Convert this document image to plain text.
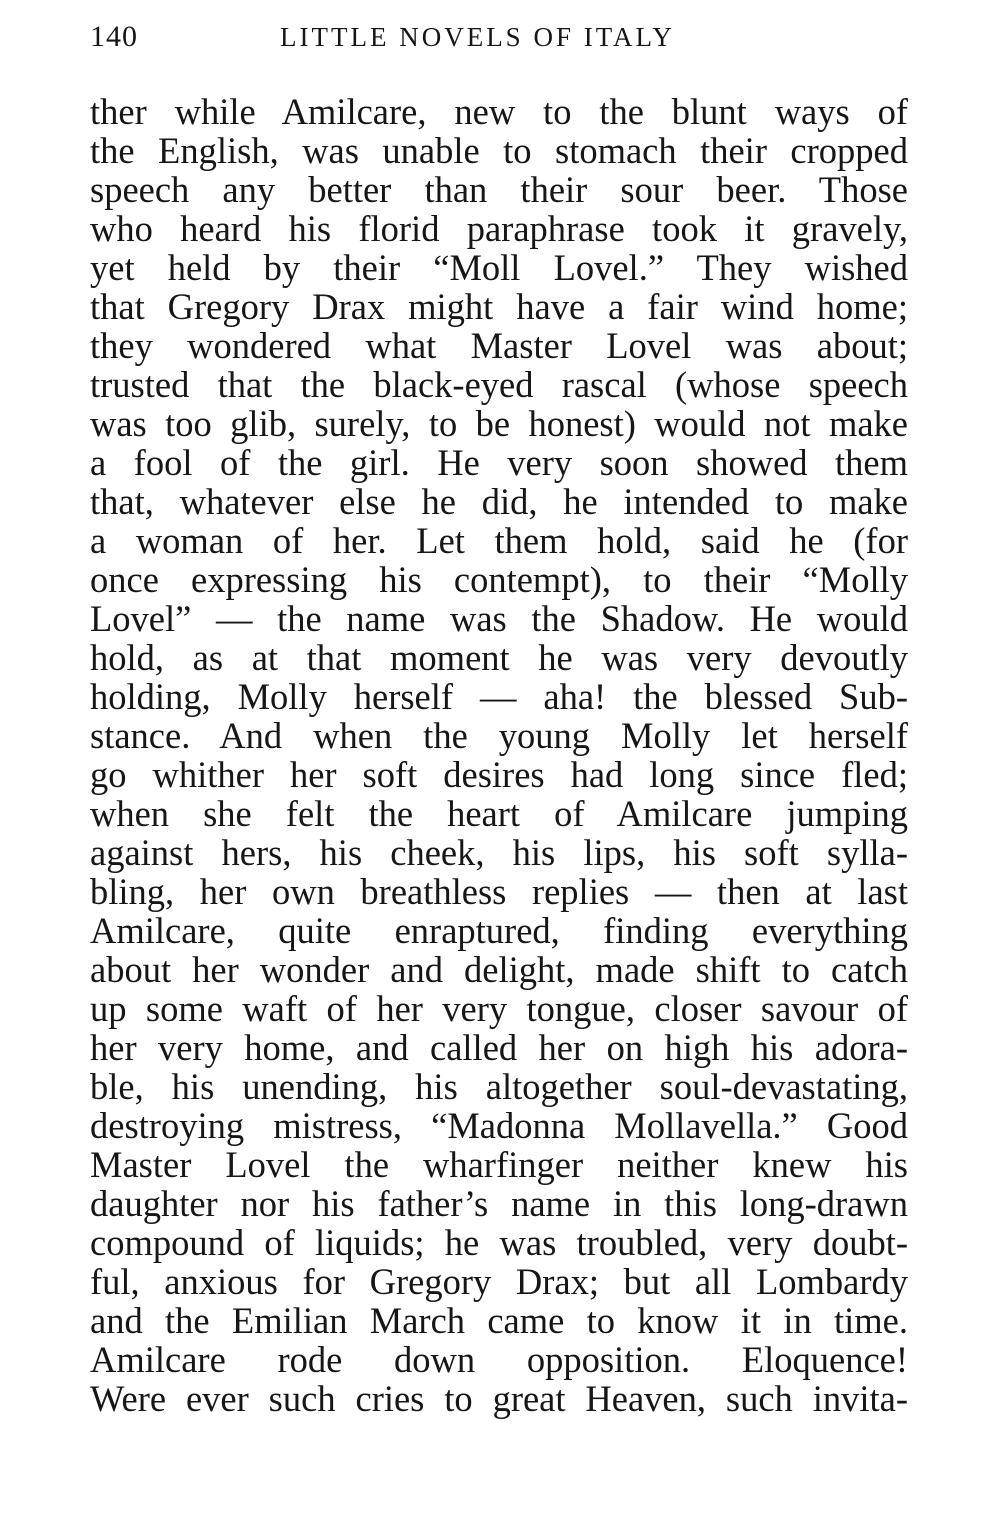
140	LITTLE NOVELS OF ITALY
ther while Amilcare, new to the blunt ways of
the English, was unable to stomach their cropped
speech any better than their sour beer. Those
who heard his florid paraphrase took it gravely,
yet held by their “Moll Lovel.” They wished
that Gregory Drax might have a fair wind home;
they wondered what Master Lovel was about;
trusted that the black-eyed rascal (whose speech
was too glib, surely, to be honest) would not make
a fool of the girl. He very soon showed them
that, whatever else he did, he intended to make
a woman of her. Let them hold, said he (for
once expressing his contempt), to their “Molly
Lovel” — the name was the Shadow. He would
hold, as at that moment he was very devoutly
holding, Molly herself — aha! the blessed Sub-
stance. And when the young Molly let herself
go whither her soft desires had long since fled;
when she felt the heart of Amilcare jumping
against hers, his cheek, his lips, his soft sylla-
bling, her own breathless replies — then at last
Amilcare, quite enraptured, finding everything
about her wonder and delight, made shift to catch
up some waft of her very tongue, closer savour of
her very home, and called her on high his adora-
ble, his unending, his altogether soul-devastating,
destroying mistress, “Madonna Mollavella.” Good
Master Lovel the wharfinger neither knew his
daughter nor his father’s name in this long-drawn
compound of liquids; he was troubled, very doubt-
ful, anxious for Gregory Drax; but all Lombardy
and the Emilian March came to know it in time.
Amilcare rode down opposition. Eloquence!
Were ever such cries to great Heaven, such invita-
